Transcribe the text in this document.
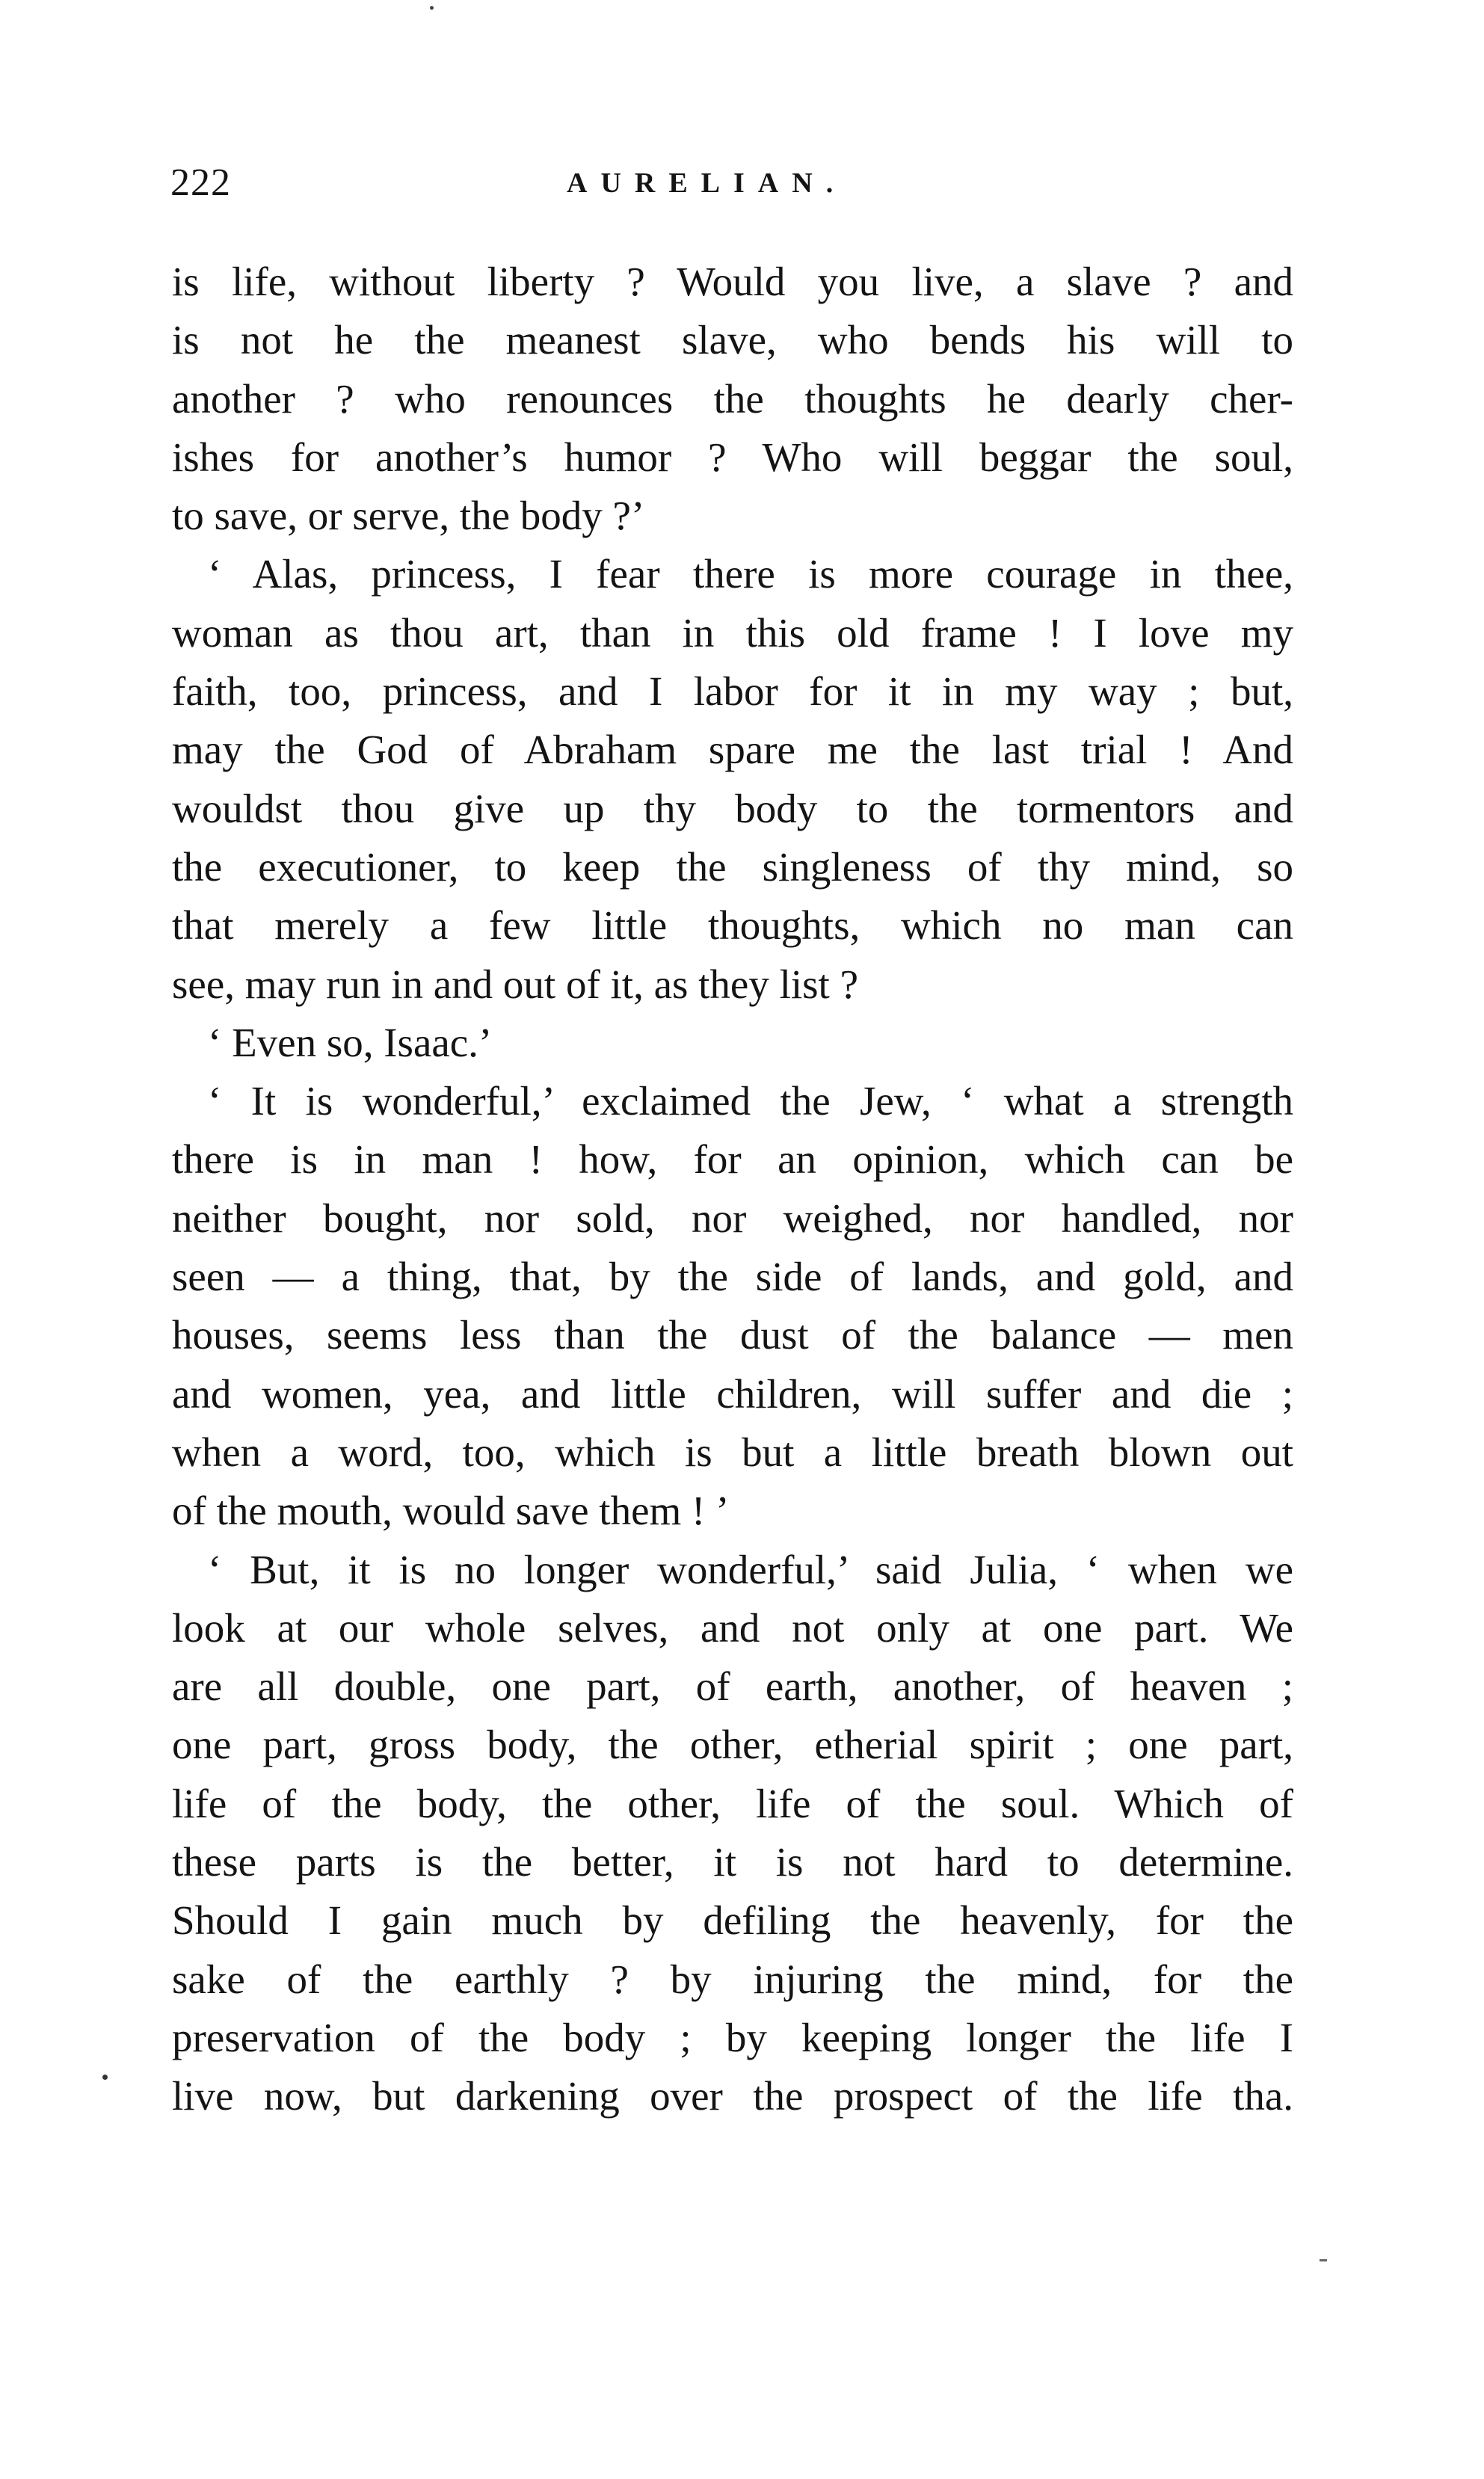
222	AURELIAN.
is life, without liberty ? Would you live, a slave ? and
is not he the meanest slave, who bends his will to
another ? who renounces the thoughts he dearly cher-
ishes for another’s humor ? Who will beggar the soul,
to save, or serve, the body ?’
‘ Alas, princess, I fear there is more courage in thee,
woman as thou art, than in this old frame ! I love my
faith, too, princess, and I labor for it in my way ; but,
may the God of Abraham spare me the last trial ! And
wouldst thou give up thy body to the tormentors and
the executioner, to keep the singleness of thy mind, so
that merely a few little thoughts, which no man can
see, may run in and out of it, as they list ?
‘ Even so, Isaac.’
‘ It is wonderful,’ exclaimed the Jew, ‘ what a strength
there is in man ! how, for an opinion, which can be
neither bought, nor sold, nor weighed, nor handled, nor
seen — a thing, that, by the side of lands, and gold, and
houses, seems less than the dust of the balance — men
and women, yea, and little children, will suffer and die ;
when a word, too, which is but a little breath blown out
of the mouth, would save them ! ’
‘ But, it is no longer wonderful,’ said Julia, ‘ when we
look at our whole selves, and not only at one part. We
are all double, one part, of earth, another, of heaven ;
one part, gross body, the other, etherial spirit ; one part,
life of the body, the other, life of the soul. Which of
these parts is the better, it is not hard to determine.
Should I gain much by defiling the heavenly, for the
sake of the earthly ? by injuring the mind, for the
preservation of the body ; by keeping longer the life I
live now, but darkening over the prospect of the life tha.
